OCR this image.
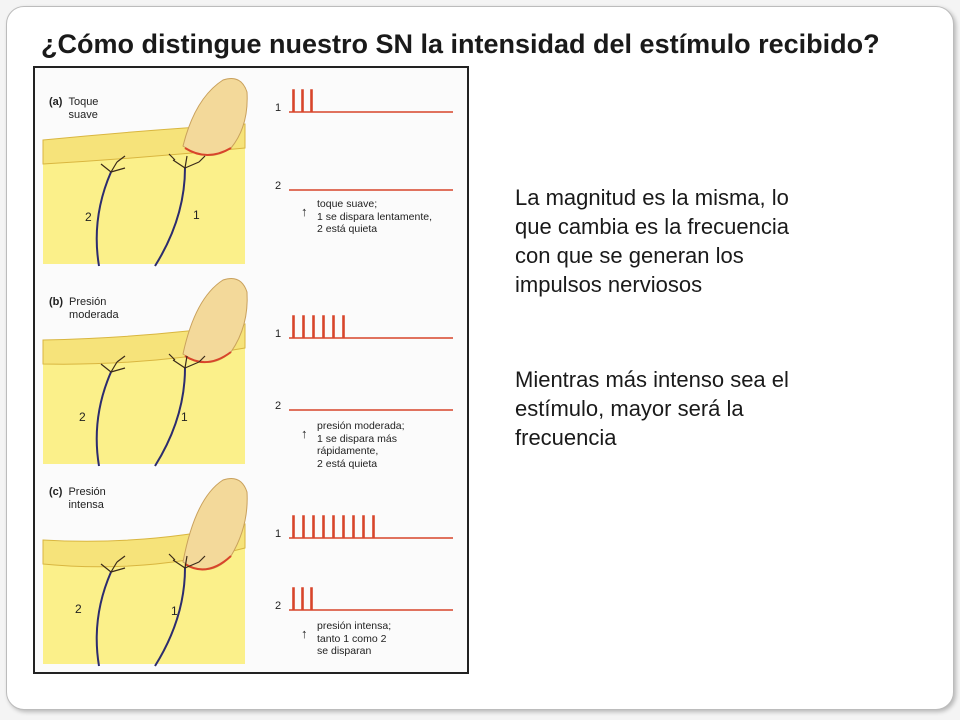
¿Cómo distingue nuestro SN la intensidad del estímulo recibido?
(a) Toque
suave
2	1
1
2
↑ toque suave;
1 se dispara lentamente,
2 está quieta
(b) Presión
moderada
2	1
1
2
↑ presión moderada;
1 se dispara más
rápidamente,
2 está quieta
(c) Presión
intensa
2	1
1
2
↑ presión intensa;
tanto 1 como 2
se disparan
La magnitud es la misma, lo
que cambia es la frecuencia
con que se generan los
impulsos nerviosos
Mientras más intenso sea el
estímulo, mayor será la
frecuencia
